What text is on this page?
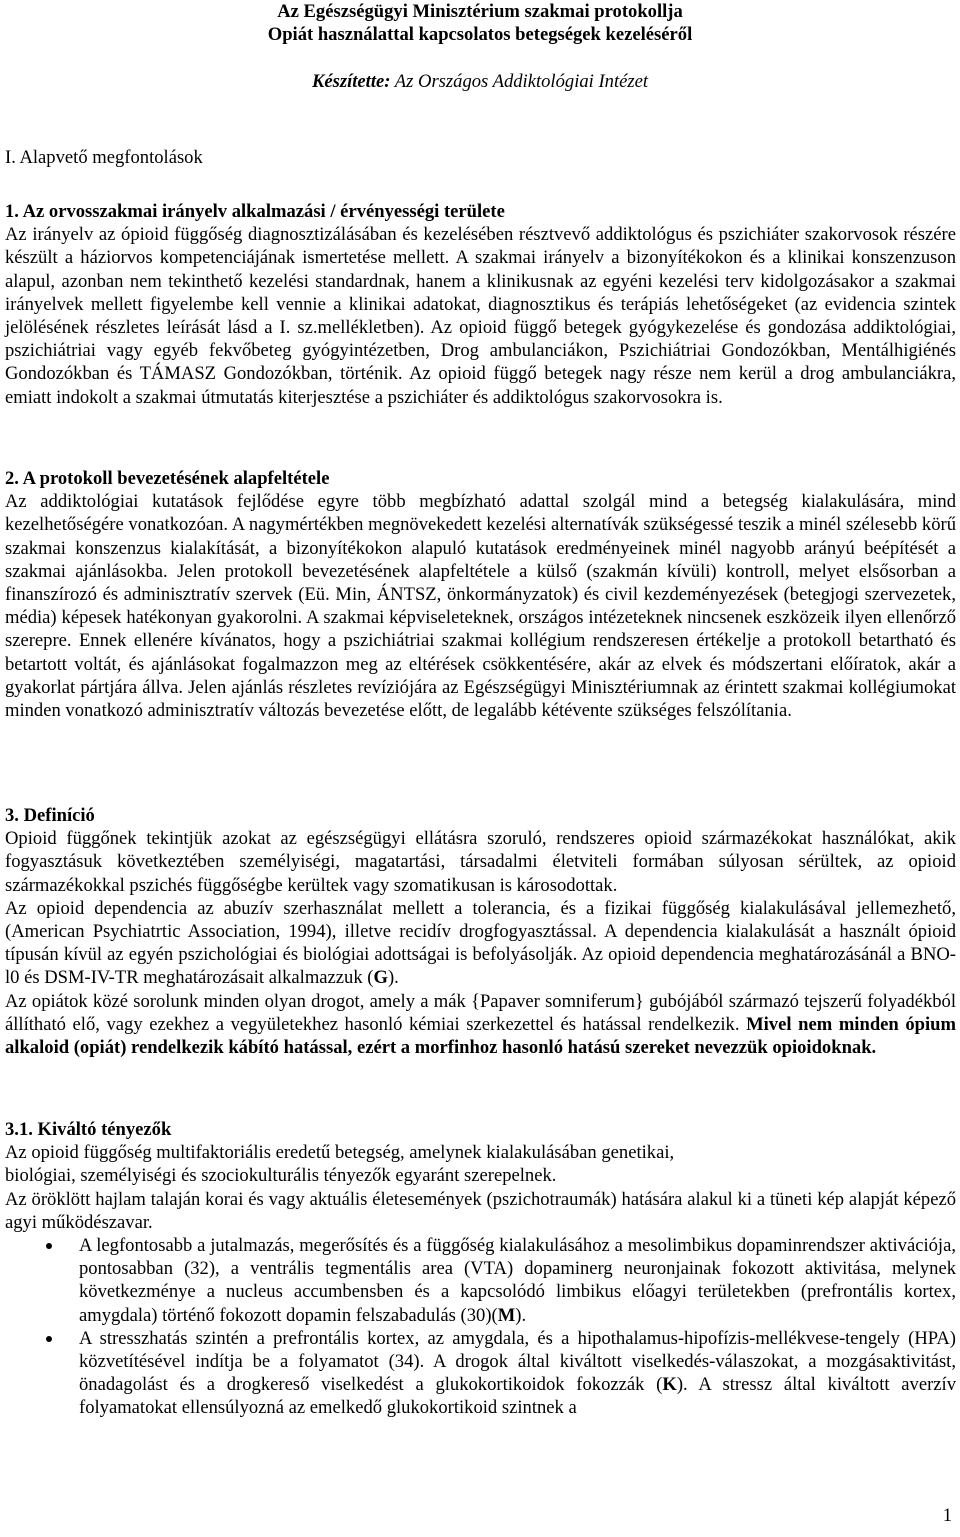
Az Egészségügyi Minisztérium szakmai protokollja
Opiát használattal kapcsolatos betegségek kezeléséről
Készítette: Az Országos Addiktológiai Intézet
I. Alapvető megfontolások
1. Az orvosszakmai irányelv alkalmazási / érvényességi területe
Az irányelv az ópioid függőség diagnosztizálásában és kezelésében résztvevő addiktológus és pszichiáter szakorvosok részére készült a háziorvos kompetenciájának ismertetése mellett. A szakmai irányelv a bizonyítékokon és a klinikai konszenzuson alapul, azonban nem tekinthető kezelési standardnak, hanem a klinikusnak az egyéni kezelési terv kidolgozásakor a szakmai irányelvek mellett figyelembe kell vennie a klinikai adatokat, diagnosztikus és terápiás lehetőségeket (az evidencia szintek jelölésének részletes leírását lásd a I. sz.mellékletben). Az opioid függő betegek gyógykezelése és gondozása addiktológiai, pszichiátriai vagy egyéb fekvőbeteg gyógyintézetben, Drog ambulanciákon, Pszichiátriai Gondozókban, Mentálhigiénés Gondozókban és TÁMASZ Gondozókban, történik. Az opioid függő betegek nagy része nem kerül a drog ambulanciákra, emiatt indokolt a szakmai útmutatás kiterjesztése a pszichiáter és addiktológus szakorvosokra is.
2. A protokoll bevezetésének alapfeltétele
Az addiktológiai kutatások fejlődése egyre több megbízható adattal szolgál mind a betegség kialakulására, mind kezelhetőségére vonatkozóan. A nagymértékben megnövekedett kezelési alternatívák szükségessé teszik a minél szélesebb körű szakmai konszenzus kialakítását, a bizonyítékokon alapuló kutatások eredményeinek minél nagyobb arányú beépítését a szakmai ajánlásokba. Jelen protokoll bevezetésének alapfeltétele a külső (szakmán kívüli) kontroll, melyet elsősorban a finanszírozó és adminisztratív szervek (Eü. Min, ÁNTSZ, önkormányzatok) és civil kezdeményezések (betegjogi szervezetek, média) képesek hatékonyan gyakorolni. A szakmai képviseleteknek, országos intézeteknek nincsenek eszközeik ilyen ellenőrző szerepre. Ennek ellenére kívánatos, hogy a pszichiátriai szakmai kollégium rendszeresen értékelje a protokoll betartható és betartott voltát, és ajánlásokat fogalmazzon meg az eltérések csökkentésére, akár az elvek és módszertani előíratok, akár a gyakorlat pártjára állva. Jelen ajánlás részletes revíziójára az Egészségügyi Minisztériumnak az érintett szakmai kollégiumokat minden vonatkozó adminisztratív változás bevezetése előtt, de legalább kétévente szükséges felszólítania.
3. Definíció
Opioid függőnek tekintjük azokat az egészségügyi ellátásra szoruló, rendszeres opioid származékokat használókat, akik fogyasztásuk következtében személyiségi, magatartási, társadalmi életviteli formában súlyosan sérültek, az opioid származékokkal pszichés függőségbe kerültek vagy szomatikusan is károsodottak.
Az opioid dependencia az abuzív szerhasználat mellett a tolerancia, és a fizikai függőség kialakulásával jellemezhető, (American Psychiatrtic Association, 1994), illetve recidív drogfogyasztással. A dependencia kialakulását a használt ópioid típusán kívül az egyén pszichológiai és biológiai adottságai is befolyásolják. Az opioid dependencia meghatározásánál a BNO-l0 és DSM-IV-TR meghatározásait alkalmazzuk (G).
Az opiátok közé sorolunk minden olyan drogot, amely a mák {Papaver somniferum} gubójából származó tejszerű folyadékból állítható elő, vagy ezekhez a vegyületekhez hasonló kémiai szerkezettel és hatással rendelkezik. Mivel nem minden ópium alkaloid (opiát) rendelkezik kábító hatással, ezért a morfinhoz hasonló hatású szereket nevezzük opioidoknak.
3.1. Kiváltó tényezők
Az opioid függőség multifaktoriális eredetű betegség, amelynek kialakulásában genetikai,
biológiai, személyiségi és szociokulturális tényezők egyaránt szerepelnek.
Az öröklött hajlam talaján korai és vagy aktuális életesemények (pszichotraumák) hatására alakul ki a tüneti kép alapját képező agyi működészavar.
A legfontosabb a jutalmazás, megerősítés és a függőség kialakulásához a mesolimbikus dopaminrendszer aktivációja, pontosabban (32), a ventrális tegmentális area (VTA) dopaminerg neuronjainak fokozott aktivitása, melynek következménye a nucleus accumbensben és a kapcsolódó limbikus előagyi területekben (prefrontális kortex, amygdala) történő fokozott dopamin felszabadulás (30)(M).
A stresszhatás szintén a prefrontális kortex, az amygdala, és a hipothalamus-hipofízis-mellékvese-tengely (HPA) közvetítésével indítja be a folyamatot (34). A drogok által kiváltott viselkedés-válaszokat, a mozgásaktivitást, önadagolást és a drogkereső viselkedést a glukokortikoidok fokozzák (K). A stressz által kiváltott averzív folyamatokat ellensúlyozná az emelkedő glukokortikoid szintnek a
1
